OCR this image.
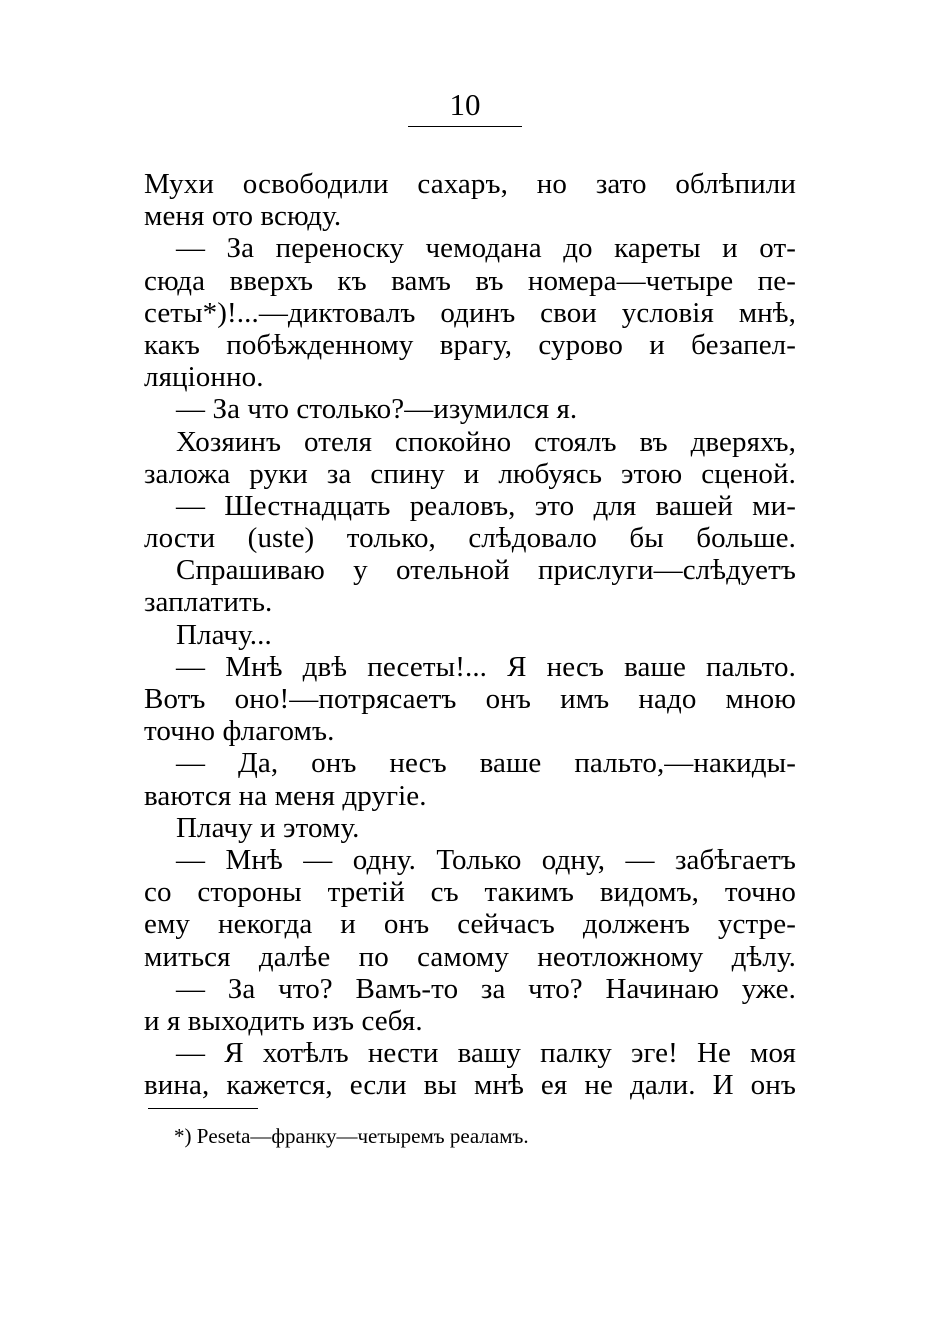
10
Мухи освободили сахаръ, но зато облѣпили
меня ото всюду.
— За переноску чемодана до кареты и от-
сюда вверхъ къ вамъ въ номера—четыре пе-
сеты*)!...—диктовалъ одинъ свои условія мнѣ,
какъ побѣжденному врагу, сурово и безапел-
ляціонно.
— За что столько?—изумился я.
Хозяинъ отеля спокойно стоялъ въ дверяхъ,
заложа руки за спину и любуясь этою сценой.
— Шестнадцать реаловъ, это для вашей ми-
лости (uste) только, слѣдовало бы больше.
Спрашиваю у отельной прислуги—слѣдуетъ
заплатить.
Плачу...
— Мнѣ двѣ песеты!... Я несъ ваше пальто.
Вотъ оно!—потрясаетъ онъ имъ надо мною
точно флагомъ.
— Да, онъ несъ ваше пальто,—накиды-
ваются на меня другіе.
Плачу и этому.
— Мнѣ — одну. Только одну, — забѣгаетъ
со стороны третій съ такимъ видомъ, точно
ему некогда и онъ сейчасъ долженъ устре-
миться далѣе по самому неотложному дѣлу.
— За что? Вамъ-то за что? Начинаю уже.
и я выходить изъ себя.
— Я хотѣлъ нести вашу палку эге! Не моя
вина, кажется, если вы мнѣ ея не дали. И онъ
*) Peseta—франку—четыремъ реаламъ.
